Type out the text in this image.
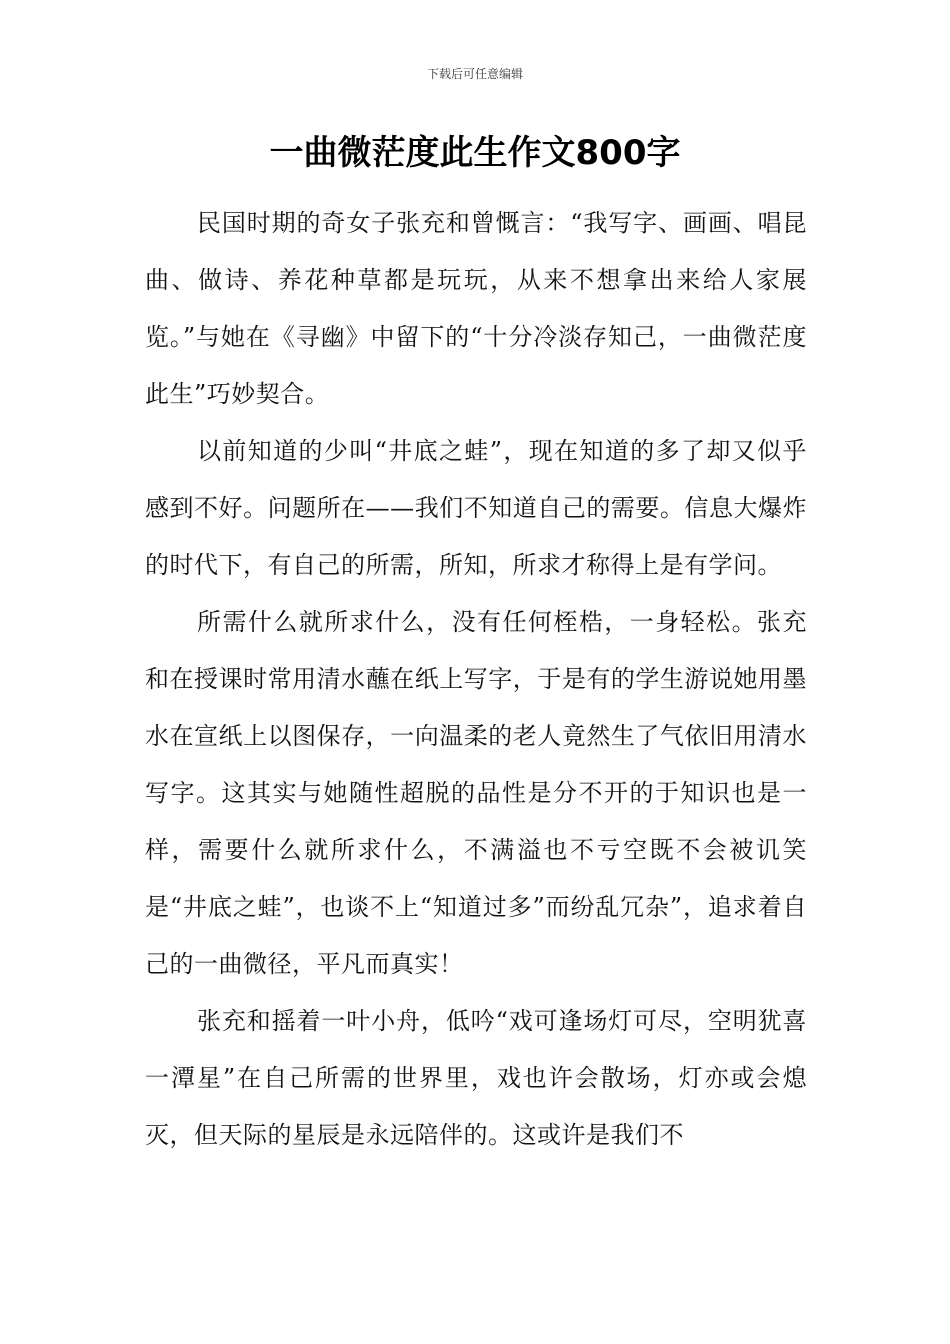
下载后可任意编辑
一曲微茫度此生作文800字

民国时期的奇女子张充和曾慨言：“我写字、画画、唱昆曲、做诗、养花种草都是玩玩，从来不想拿出来给人家展览。”与她在《寻幽》中留下的“十分冷淡存知己，一曲微茫度此生”巧妙契合。

以前知道的少叫“井底之蛙”，现在知道的多了却又似乎感到不好。问题所在——我们不知道自己的需要。信息大爆炸的时代下，有自己的所需，所知，所求才称得上是有学问。

所需什么就所求什么，没有任何桎梏，一身轻松。张充和在授课时常用清水蘸在纸上写字，于是有的学生游说她用墨水在宣纸上以图保存，一向温柔的老人竟然生了气依旧用清水写字。这其实与她随性超脱的品性是分不开的于知识也是一样，需要什么就所求什么，不满溢也不亏空既不会被讥笑是“井底之蛙”，也谈不上“知道过多”而纷乱冗杂”，追求着自己的一曲微径，平凡而真实！

张充和摇着一叶小舟，低吟“戏可逢场灯可尽，空明犹喜一潭星”在自己所需的世界里，戏也许会散场，灯亦或会熄灭，但天际的星辰是永远陪伴的。这或许是我们不
